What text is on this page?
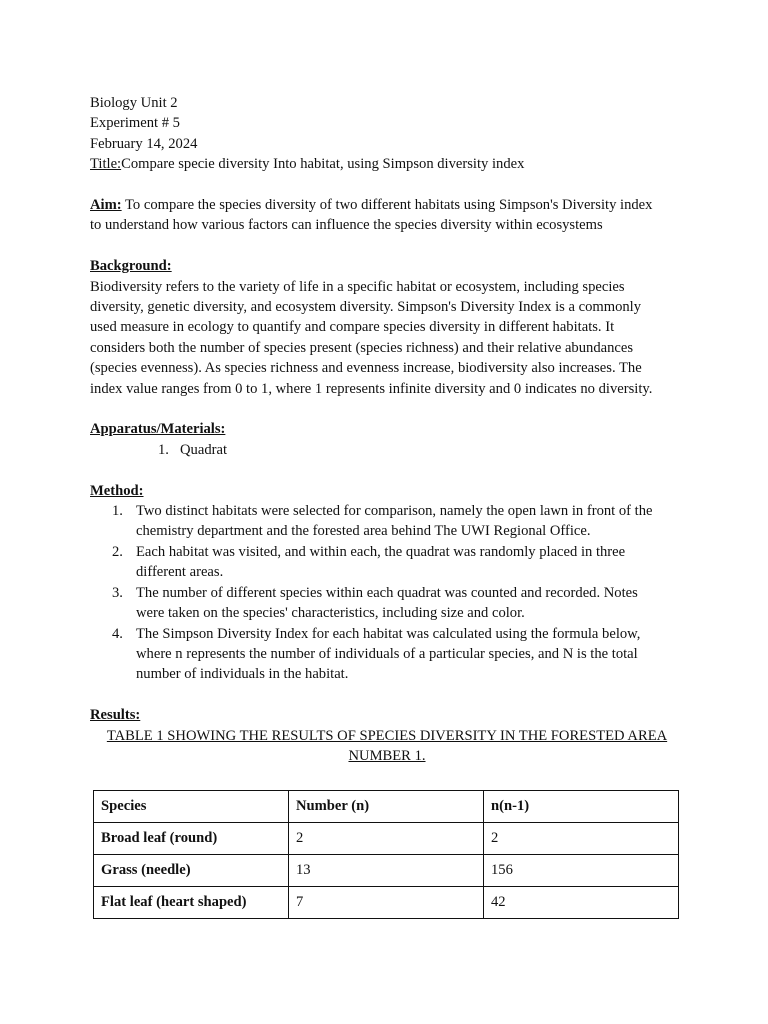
Biology Unit 2
Experiment # 5
February 14, 2024
Title:Compare specie diversity Into habitat, using Simpson diversity index
Aim: To compare the species diversity of two different habitats using Simpson's Diversity index
to understand how various factors can influence the species diversity within ecosystems
Background:
Biodiversity refers to the variety of life in a specific habitat or ecosystem, including species
diversity, genetic diversity, and ecosystem diversity. Simpson's Diversity Index is a commonly
used measure in ecology to quantify and compare species diversity in different habitats. It
considers both the number of species present (species richness) and their relative abundances
(species evenness). As species richness and evenness increase, biodiversity also increases. The
index value ranges from 0 to 1, where 1 represents infinite diversity and 0 indicates no diversity.
Apparatus/Materials:
1. Quadrat
Method:
1. Two distinct habitats were selected for comparison, namely the open lawn in front of the
chemistry department and the forested area behind The UWI Regional Office.
2. Each habitat was visited, and within each, the quadrat was randomly placed in three
different areas.
3. The number of different species within each quadrat was counted and recorded. Notes
were taken on the species' characteristics, including size and color.
4. The Simpson Diversity Index for each habitat was calculated using the formula below,
where n represents the number of individuals of a particular species, and N is the total
number of individuals in the habitat.
Results:
TABLE 1 SHOWING THE RESULTS OF SPECIES DIVERSITY IN THE FORESTED AREA
NUMBER 1.
Species	Number (n)	n(n-1)
Broad leaf (round)	2	2
Grass (needle)	13	156
Flat leaf (heart shaped)	7	42
